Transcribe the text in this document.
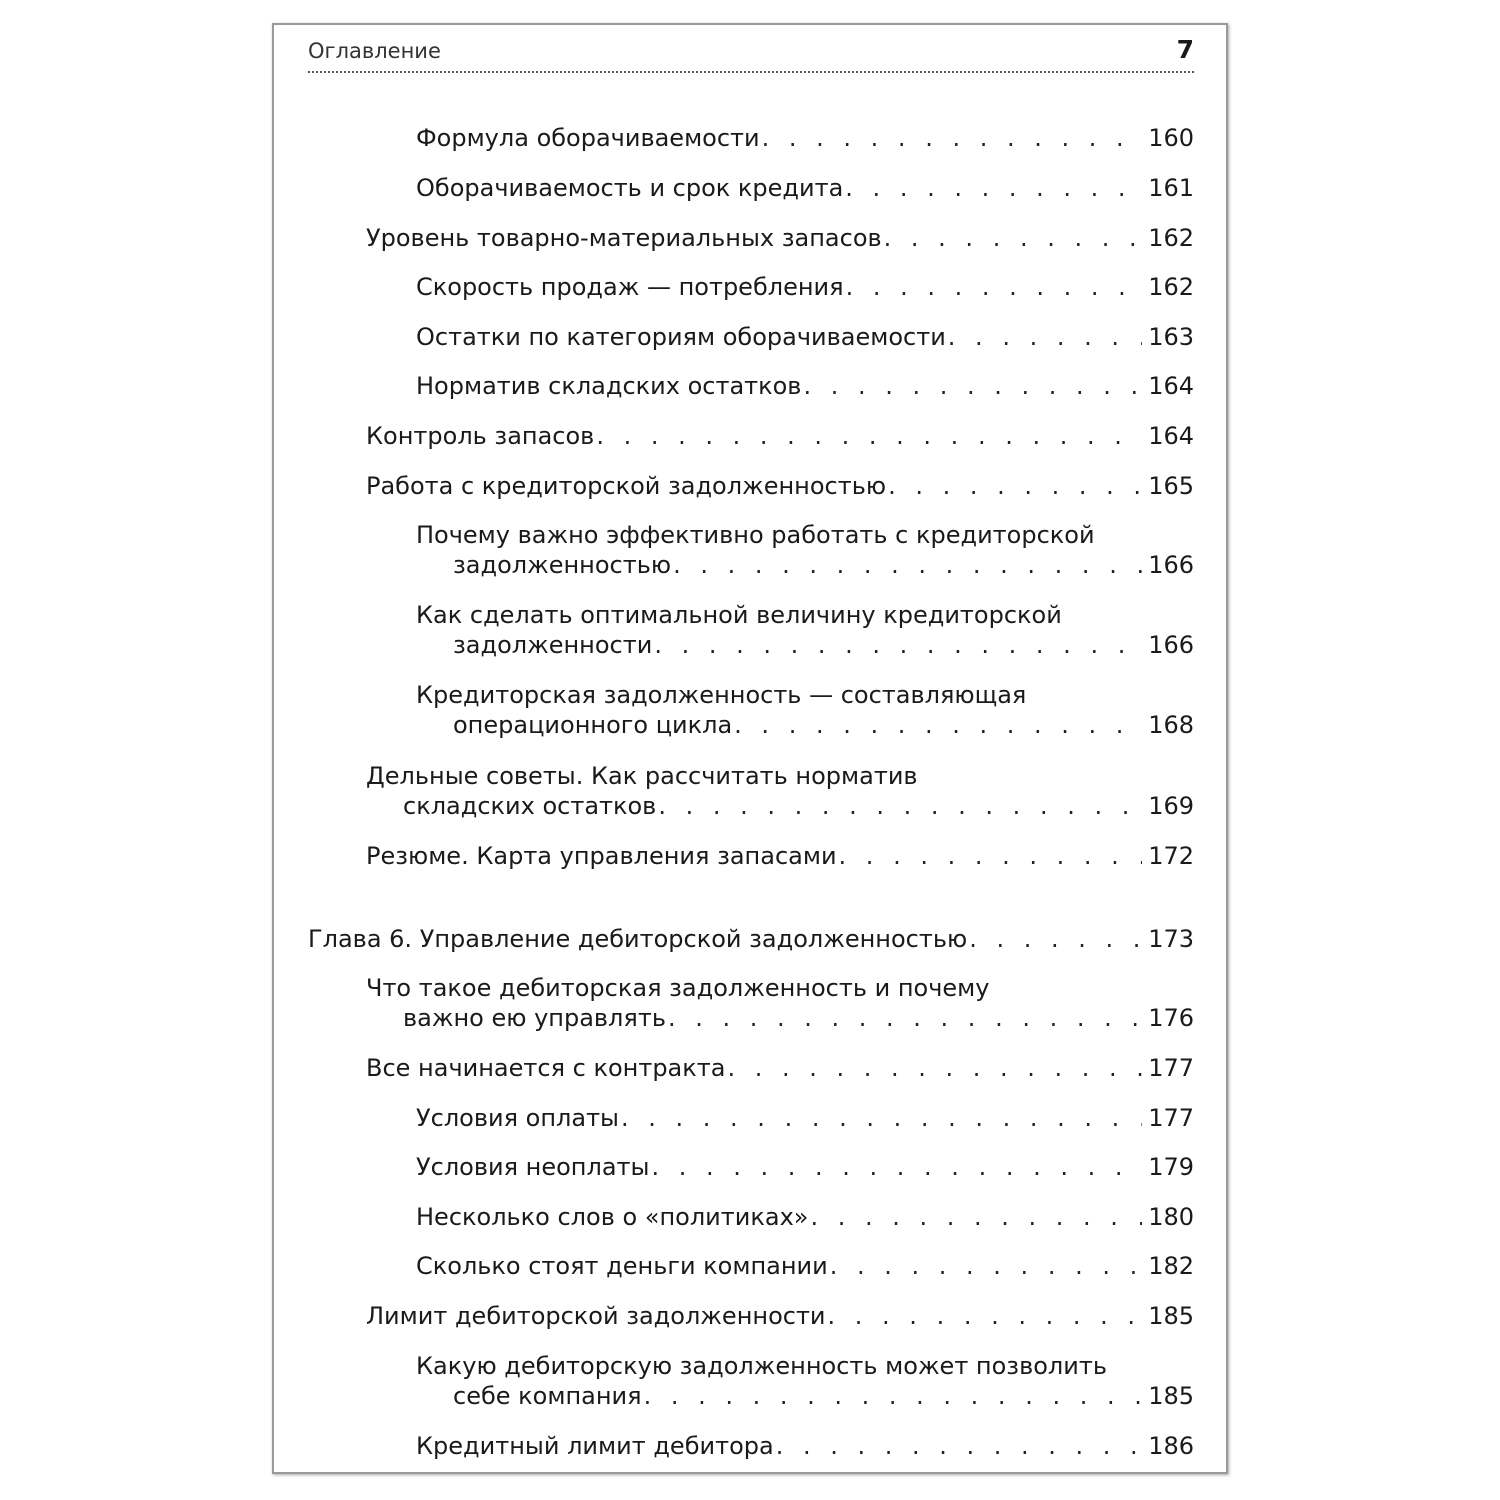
Оглавление	7
Формула оборачиваемости . . .	160
Оборачиваемость и срок кредита . . .	161
Уровень товарно-материальных запасов . . .	162
Скорость продаж — потребления . . .	162
Остатки по категориям оборачиваемости . . .	163
Норматив складских остатков . . .	164
Контроль запасов . . .	164
Работа с кредиторской задолженностью . . .	165
Почему важно эффективно работать с кредиторской
задолженностью . . .	166
Как сделать оптимальной величину кредиторской
задолженности . . .	166
Кредиторская задолженность — составляющая
операционного цикла . . .	168
Дельные советы. Как рассчитать норматив
складских остатков . . .	169
Резюме. Карта управления запасами . . .	172
Глава 6. Управление дебиторской задолженностью . . .	173
Что такое дебиторская задолженность и почему
важно ею управлять . . .	176
Все начинается с контракта . . .	177
Условия оплаты . . .	177
Условия неоплаты . . .	179
Несколько слов о «политиках» . . .	180
Сколько стоят деньги компании . . .	182
Лимит дебиторской задолженности . . .	185
Какую дебиторскую задолженность может позволить
себе компания . . .	185
Кредитный лимит дебитора . . .	186
